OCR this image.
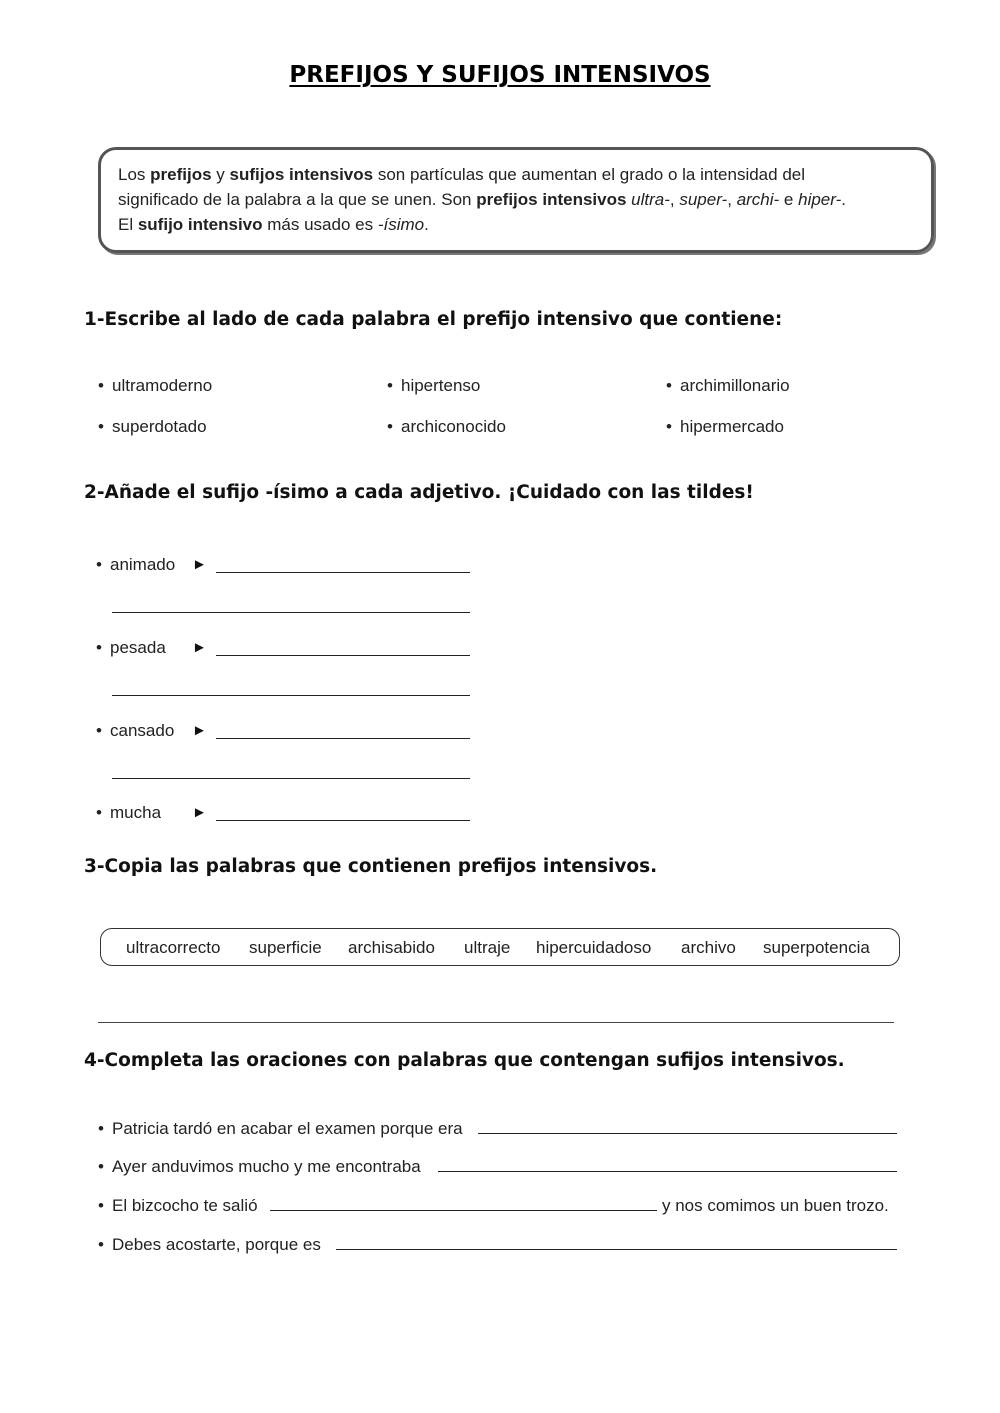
PREFIJOS Y SUFIJOS INTENSIVOS
Los prefijos y sufijos intensivos son partículas que aumentan el grado o la intensidad del
significado de la palabra a la que se unen. Son prefijos intensivos ultra-, super-, archi- e hiper-.
El sufijo intensivo más usado es -ísimo.
1-Escribe al lado de cada palabra el prefijo intensivo que contiene:
• ultramoderno	• hipertenso	• archimillonario
• superdotado	• archiconocido	• hipermercado
2-Añade el sufijo -ísimo a cada adjetivo. ¡Cuidado con las tildes!
• animado ►
• pesada ►
• cansado ►
• mucha ►
3-Copia las palabras que contienen prefijos intensivos.
ultracorrecto superficie archisabido ultraje hipercuidadoso archivo superpotencia
4-Completa las oraciones con palabras que contengan sufijos intensivos.
• Patricia tardó en acabar el examen porque era
• Ayer anduvimos mucho y me encontraba
• El bizcocho te salió	y nos comimos un buen trozo.
• Debes acostarte, porque es
